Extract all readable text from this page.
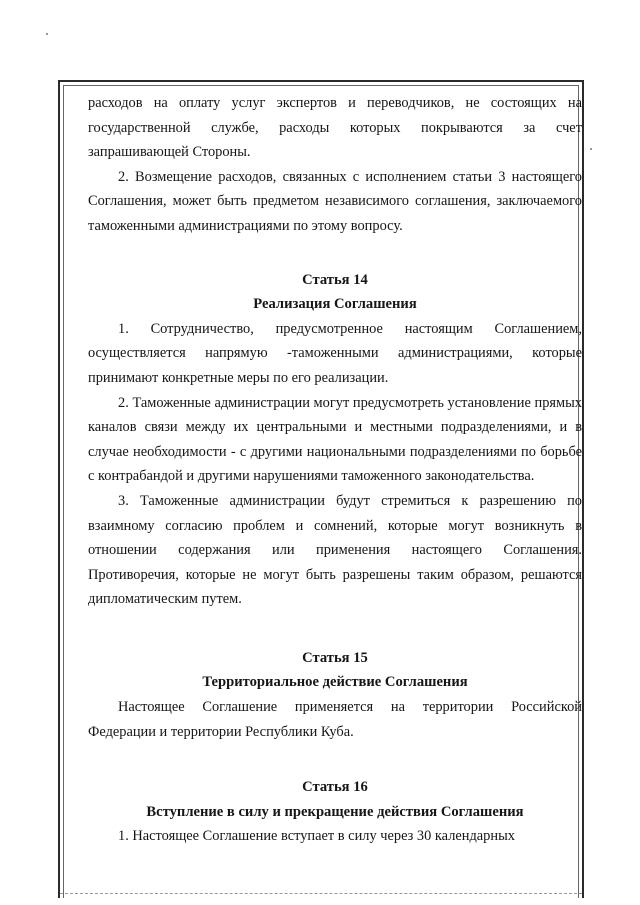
расходов на оплату услуг экспертов и переводчиков, не состоящих на государственной службе, расходы которых покрываются за счет запрашивающей Стороны.

2. Возмещение расходов, связанных с исполнением статьи 3 настоящего Соглашения, может быть предметом независимого соглашения, заключаемого таможенными администрациями по этому вопросу.

Статья 14
Реализация Соглашения

1. Сотрудничество, предусмотренное настоящим Соглашением, осуществляется напрямую -таможенными администрациями, которые принимают конкретные меры по его реализации.

2. Таможенные администрации могут предусмотреть установление прямых каналов связи между их центральными и местными подразделениями, и в случае необходимости - с другими национальными подразделениями по борьбе с контрабандой и другими нарушениями таможенного законодательства.

3. Таможенные администрации будут стремиться к разрешению по взаимному согласию проблем и сомнений, которые могут возникнуть в отношении содержания или применения настоящего Соглашения. Противоречия, которые не могут быть разрешены таким образом, решаются дипломатическим путем.

Статья 15
Территориальное действие Соглашения

Настоящее Соглашение применяется на территории Российской Федерации и территории Республики Куба.

Статья 16
Вступление в силу и прекращение действия Соглашения

1. Настоящее Соглашение вступает в силу через 30 календарных
